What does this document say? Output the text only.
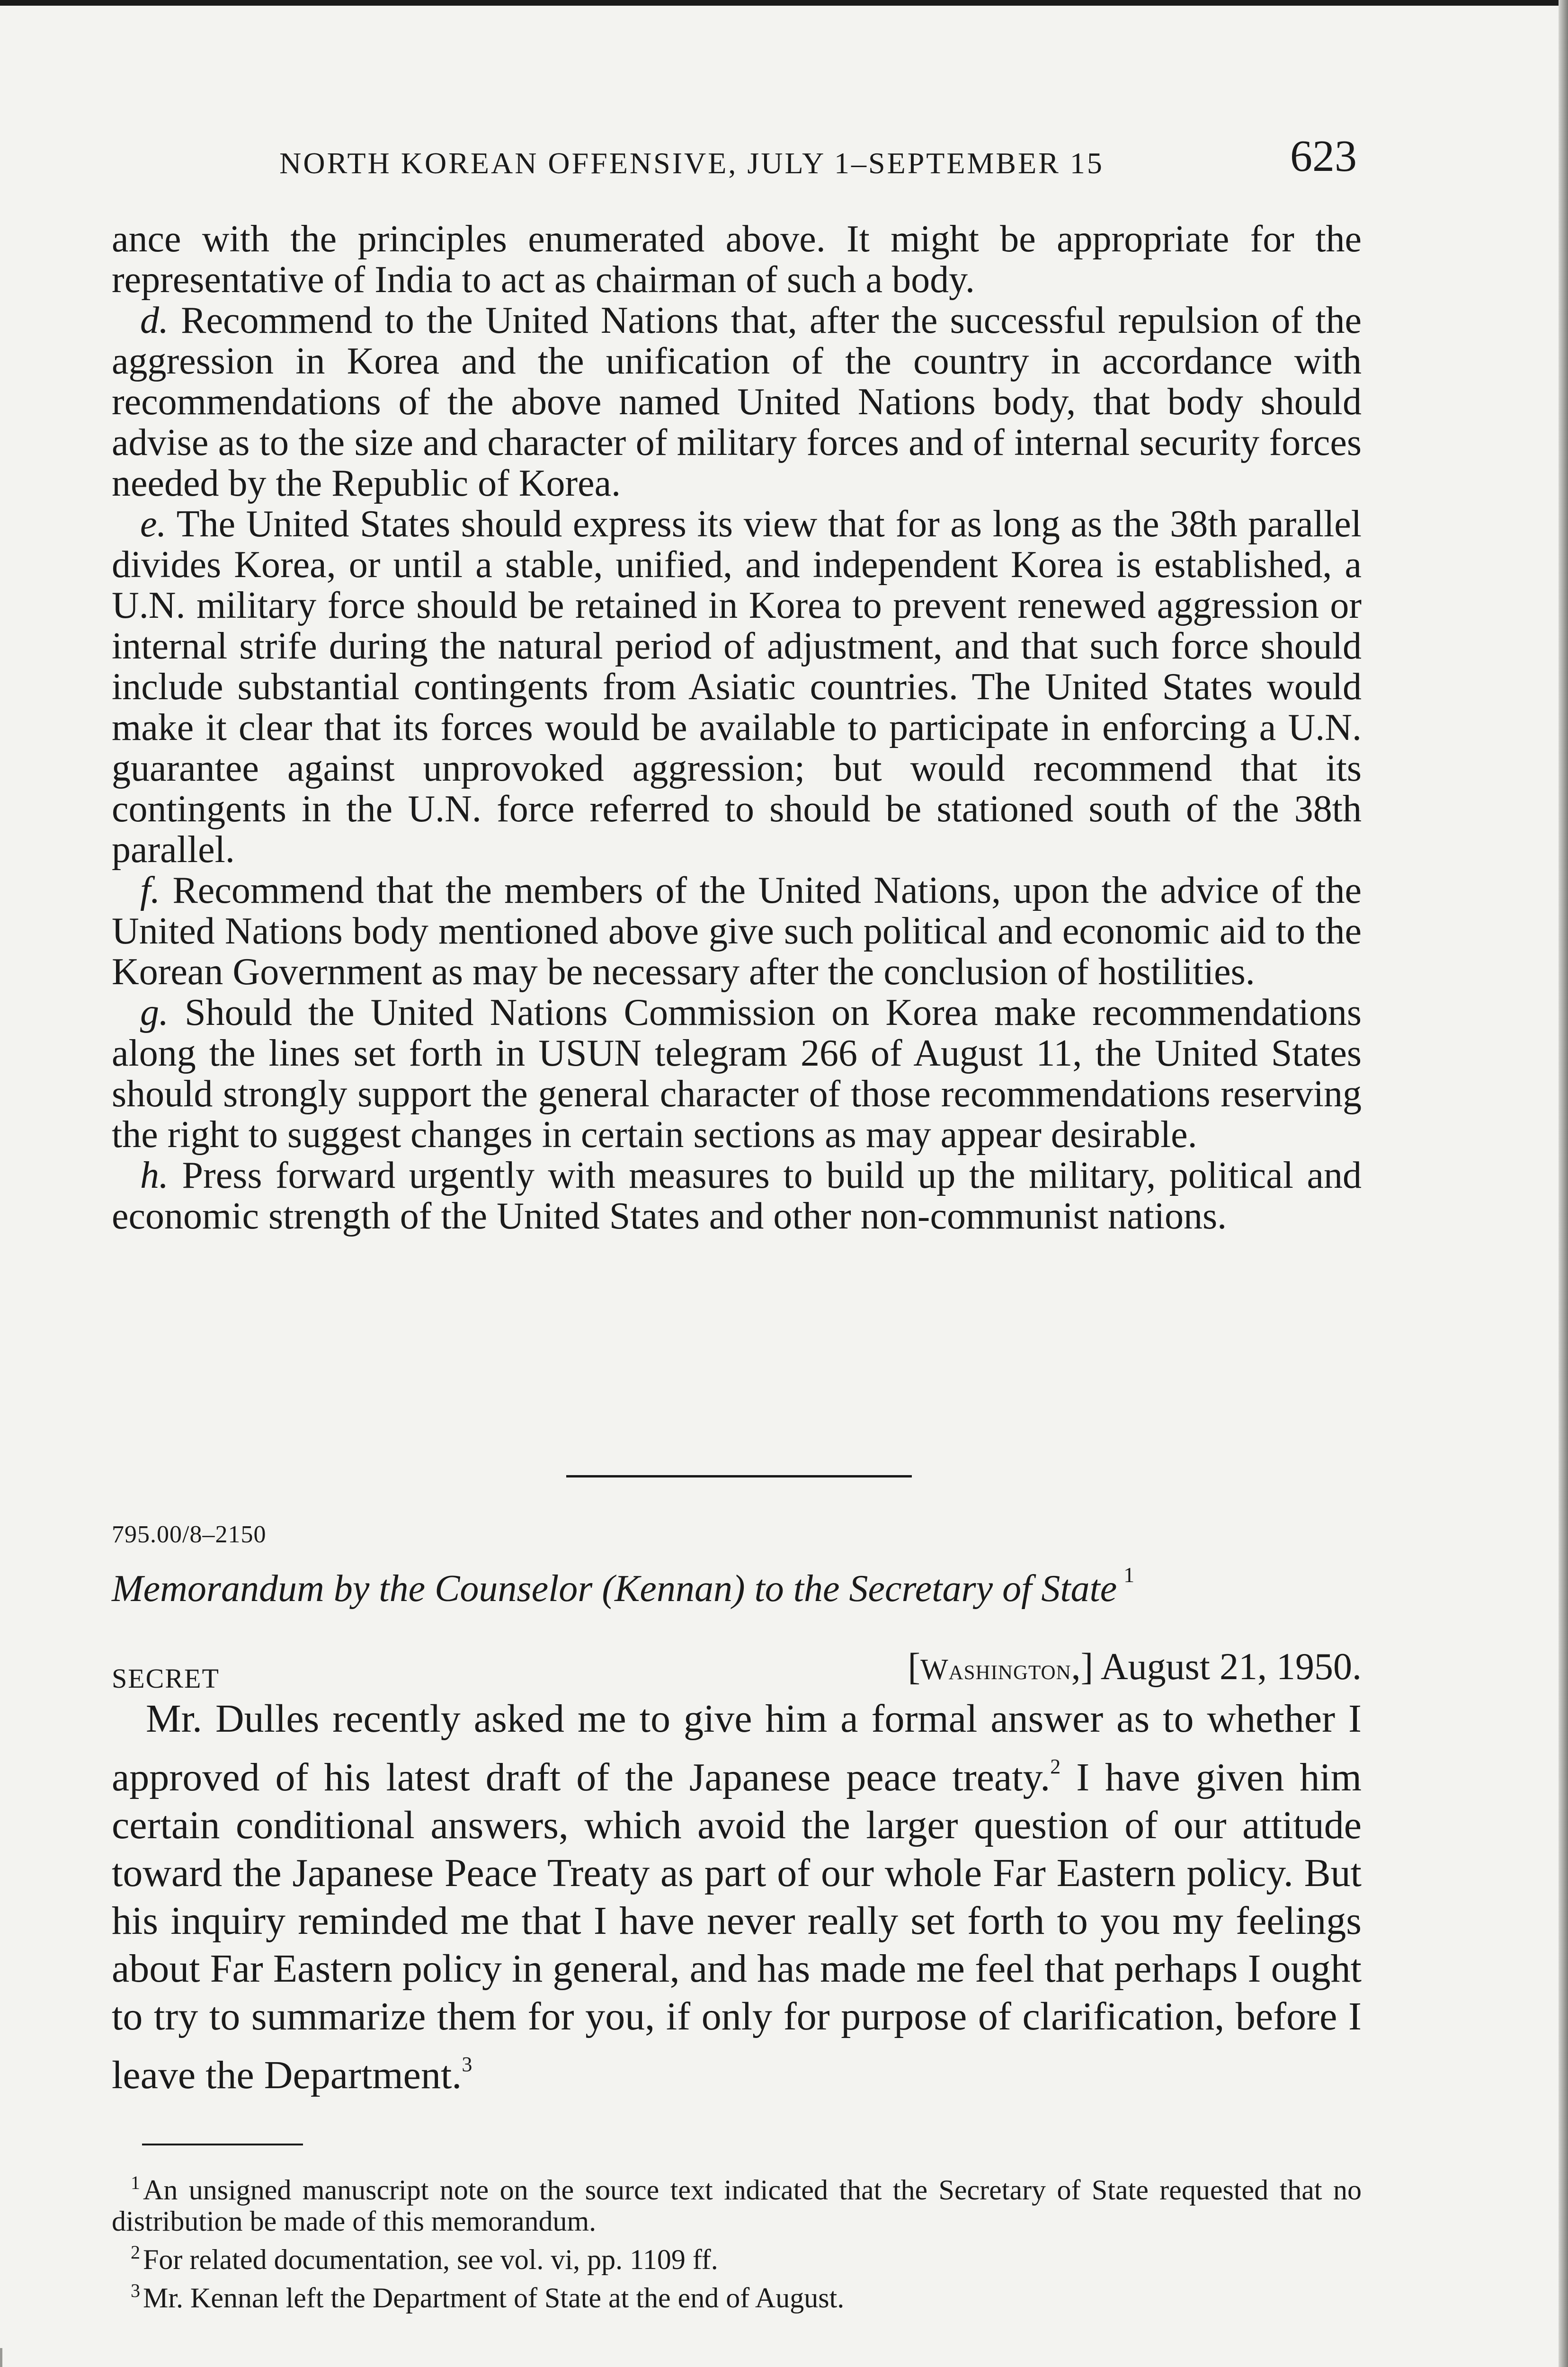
NORTH KOREAN OFFENSIVE, JULY 1–SEPTEMBER 15	623

ance with the principles enumerated above. It might be appropriate for the representative of India to act as chairman of such a body.

d. Recommend to the United Nations that, after the successful repulsion of the aggression in Korea and the unification of the country in accordance with recommendations of the above named United Nations body, that body should advise as to the size and character of military forces and of internal security forces needed by the Republic of Korea.

e. The United States should express its view that for as long as the 38th parallel divides Korea, or until a stable, unified, and independent Korea is established, a U.N. military force should be retained in Korea to prevent renewed aggression or internal strife during the natural period of adjustment, and that such force should include substantial contingents from Asiatic countries. The United States would make it clear that its forces would be available to participate in enforcing a U.N. guarantee against unprovoked aggression; but would recommend that its contingents in the U.N. force referred to should be stationed south of the 38th parallel.

f. Recommend that the members of the United Nations, upon the advice of the United Nations body mentioned above give such political and economic aid to the Korean Government as may be necessary after the conclusion of hostilities.

g. Should the United Nations Commission on Korea make recommendations along the lines set forth in USUN telegram 266 of August 11, the United States should strongly support the general character of those recommendations reserving the right to suggest changes in certain sections as may appear desirable.

h. Press forward urgently with measures to build up the military, political and economic strength of the United States and other non-communist nations.

795.00/8–2150
Memorandum by the Counselor (Kennan) to the Secretary of State $^1$
SECRET	[Washington,] August 21, 1950.

Mr. Dulles recently asked me to give him a formal answer as to whether I approved of his latest draft of the Japanese peace treaty.$^2$ I have given him certain conditional answers, which avoid the larger question of our attitude toward the Japanese Peace Treaty as part of our whole Far Eastern policy. But his inquiry reminded me that I have never really set forth to you my feelings about Far Eastern policy in general, and has made me feel that perhaps I ought to try to summarize them for you, if only for purpose of clarification, before I leave the Department.$^3$

$^1$ An unsigned manuscript note on the source text indicated that the Secretary of State requested that no distribution be made of this memorandum.

$^2$ For related documentation, see vol. vi, pp. 1109 ff.

$^3$ Mr. Kennan left the Department of State at the end of August.
